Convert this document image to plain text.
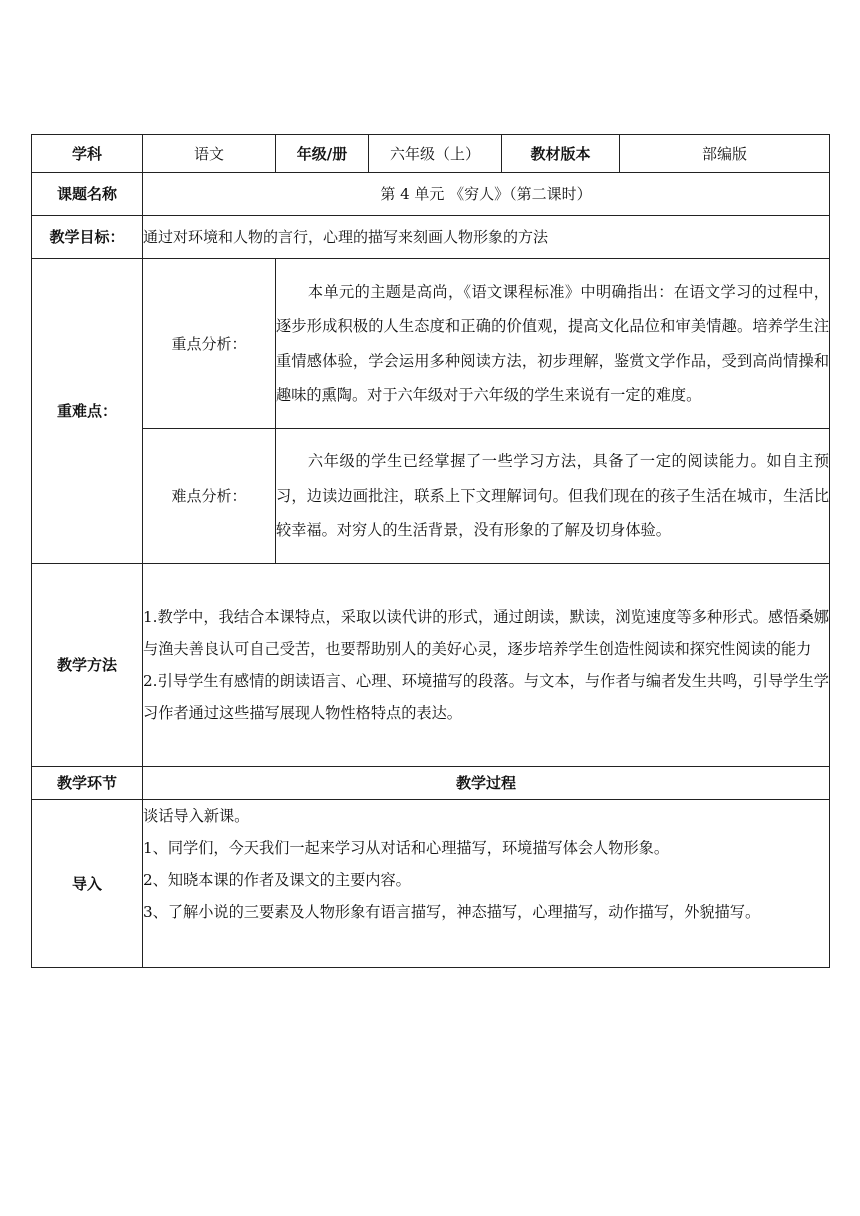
学科	语文	年级/册	六年级（上）	教材版本	部编版
课题名称	第 4 单元 《穷人》（第二课时）				
教学目标：	通过对环境和人物的言行，心理的描写来刻画人物形象的方法				
重难点：	重点分析：	本单元的主题是高尚，《语文课程标准》中明确指出：在语文学习的过程中，逐步形成积极的人生态度和正确的价值观，提高文化品位和审美情趣。培养学生注重情感体验，学会运用多种阅读方法，初步理解，鉴赏文学作品，受到高尚情操和趣味的熏陶。对于六年级对于六年级的学生来说有一定的难度。			

	难点分析：	六年级的学生已经掌握了一些学习方法，具备了一定的阅读能力。如自主预习，边读边画批注，联系上下文理解词句。但我们现在的孩子生活在城市，生活比较幸福。对穷人的生活背景，没有形象的了解及切身体验。			

教学方法	1.教学中，我结合本课特点，采取以读代讲的形式，通过朗读，默读，浏览速度等多种形式。感悟桑娜与渔夫善良认可自己受苦，也要帮助别人的美好心灵，逐步培养学生创造性阅读和探究性阅读的能力
2.引导学生有感情的朗读语言、心理、环境描写的段落。与文本，与作者与编者发生共鸣，引导学生学习作者通过这些描写展现人物性格特点的表达。				

教学环节	教学过程				
导入	谈话导入新课。
1、同学们，今天我们一起来学习从对话和心理描写，环境描写体会人物形象。
2、知晓本课的作者及课文的主要内容。
3、了解小说的三要素及人物形象有语言描写，神态描写，心理描写，动作描写，外貌描写。				
